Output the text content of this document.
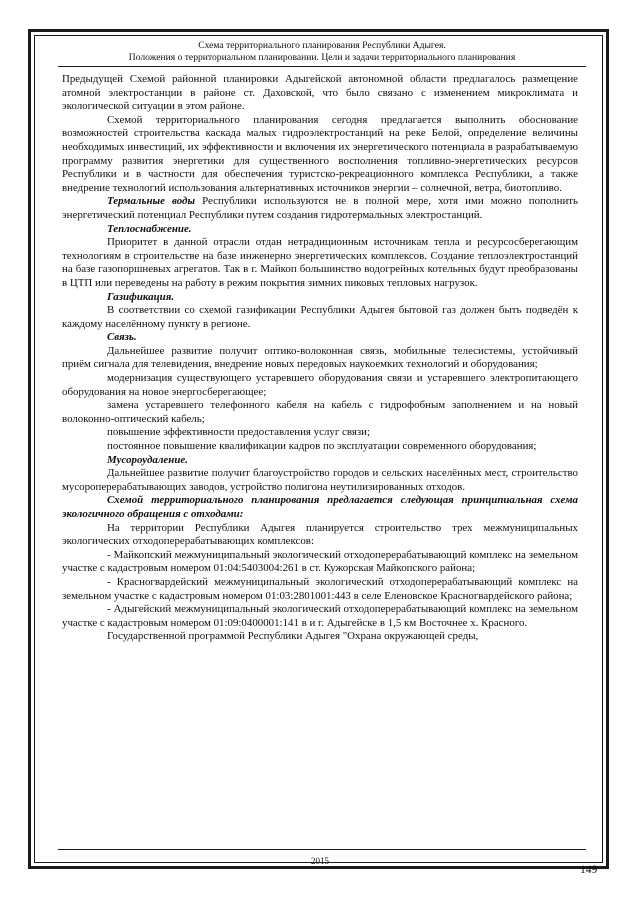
Схема территориального планирования Республики Адыгея.
Положения о территориальном планировании. Цели и задачи территориального планирования

Предыдущей Схемой районной планировки Адыгейской автономной области предлагалось размещение атомной электростанции в районе ст. Даховской, что было связано с изменением микроклимата и экологической ситуации в этом районе.

Схемой территориального планирования сегодня предлагается выполнить обоснование возможностей строительства каскада малых гидроэлектростанций на реке Белой, определение величины необходимых инвестиций, их эффективности и включения их энергетического потенциала в разрабатываемую программу развития энергетики для существенного восполнения топливно-энергетических ресурсов Республики и в частности для обеспечения туристско-рекреационного комплекса Республики, а также внедрение технологий использования альтернативных источников энергии – солнечной, ветра, биотопливо.

Термальные воды Республики используются не в полной мере, хотя ими можно пополнить энергетический потенциал Республики путем создания гидротермальных электростанций.

Теплоснабжение.

Приоритет в данной отрасли отдан нетрадиционным источникам тепла и ресурсосберегающим технологиям в строительстве на базе инженерно энергетических комплексов. Создание теплоэлектростанций на базе газопоршневых агрегатов. Так в г. Майкоп большинство водогрейных котельных будут преобразованы в ЦТП или переведены на работу в режим покрытия зимних пиковых тепловых нагрузок.

Газификация.

В соответствии со схемой газификации Республики Адыгея бытовой газ должен быть подведён к каждому населённому пункту в регионе.

Связь.

Дальнейшее развитие получит оптико-волоконная связь, мобильные телесистемы, устойчивый приём сигнала для телевидения, внедрение новых передовых наукоемких технологий и оборудования;

модернизация существующего устаревшего оборудования связи и устаревшего электропитающего оборудования на новое энергосберегающее;

замена устаревшего телефонного кабеля на кабель с гидрофобным заполнением и на новый волоконно-оптический кабель;

повышение эффективности предоставления услуг связи;

постоянное повышение квалификации кадров по эксплуатации современного оборудования;

Мусороудаление.

Дальнейшее развитие получит благоустройство городов и сельских населённых мест, строительство мусороперерабатывающих заводов, устройство полигона неутилизированных отходов.

Схемой территориального планирования предлагается следующая принципиальная схема экологичного обращения с отходами:

На территории Республики Адыгея планируется строительство трех межмуниципальных экологических отходоперерабатывающих комплексов:

- Майкопский межмуниципальный экологический отходоперерабатывающий комплекс на земельном участке с кадастровым номером 01:04:5403004:261 в ст. Кужорская Майкопского района;

- Красногвардейский межмуниципальный экологический отходоперерабатывающий комплекс на земельном участке с кадастровым номером 01:03:2801001:443 в селе Еленовское Красногвардейского района;

- Адыгейский межмуниципальный экологический отходоперерабатывающий комплекс на земельном участке с кадастровым номером 01:09:0400001:141 в и г. Адыгейске в 1,5 км Восточнее х. Красного.

Государственной программой Республики Адыгея "Охрана окружающей среды,

2015
149
